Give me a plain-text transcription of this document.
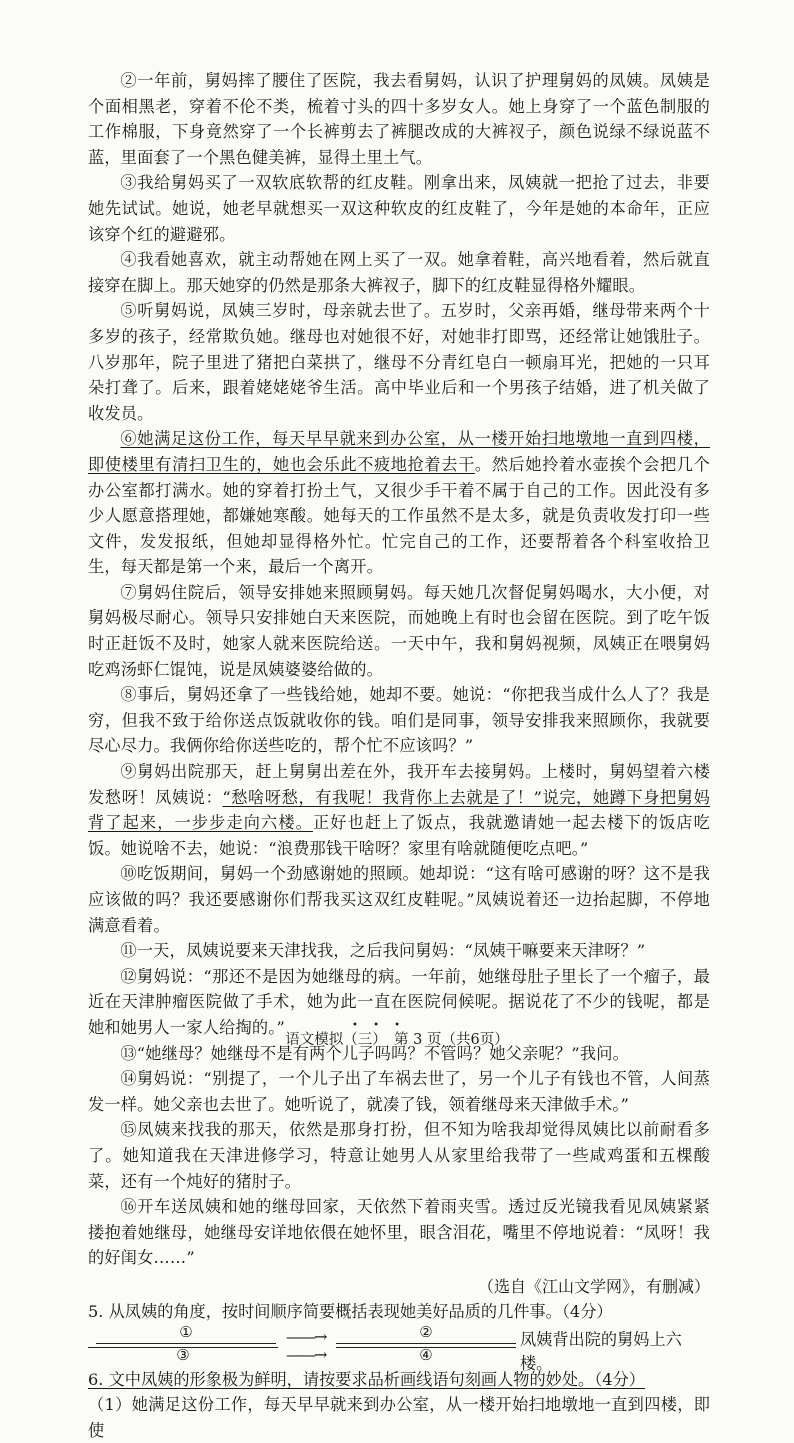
②一年前，舅妈摔了腰住了医院，我去看舅妈，认识了护理舅妈的凤姨。凤姨是个面相黑老，穿着不伦不类，梳着寸头的四十多岁女人。她上身穿了一个蓝色制服的工作棉服，下身竟然穿了一个长裤剪去了裤腿改成的大裤衩子，颜色说绿不绿说蓝不蓝，里面套了一个黑色健美裤，显得土里土气。

③我给舅妈买了一双软底软帮的红皮鞋。刚拿出来，凤姨就一把抢了过去，非要她先试试。她说，她老早就想买一双这种软皮的红皮鞋了，今年是她的本命年，正应该穿个红的避避邪。

④我看她喜欢，就主动帮她在网上买了一双。她拿着鞋，高兴地看着，然后就直接穿在脚上。那天她穿的仍然是那条大裤衩子，脚下的红皮鞋显得格外耀眼。

⑤听舅妈说，凤姨三岁时，母亲就去世了。五岁时，父亲再婚，继母带来两个十多岁的孩子，经常欺负她。继母也对她很不好，对她非打即骂，还经常让她饿肚子。八岁那年，院子里进了猪把白菜拱了，继母不分青红皂白一顿扇耳光，把她的一只耳朵打聋了。后来，跟着姥姥姥爷生活。高中毕业后和一个男孩子结婚，进了机关做了收发员。

⑥她满足这份工作，每天早早就来到办公室，从一楼开始扫地墩地一直到四楼，即使楼里有清扫卫生的，她也会乐此不疲地抢着去干。然后她拎着水壶挨个会把几个办公室都打满水。她的穿着打扮土气，又很少手干着不属于自己的工作。因此没有多少人愿意搭理她，都嫌她寒酸。她每天的工作虽然不是太多，就是负责收发打印一些文件，发发报纸，但她却显得格外忙。忙完自己的工作，还要帮着各个科室收拾卫生，每天都是第一个来，最后一个离开。

⑦舅妈住院后，领导安排她来照顾舅妈。每天她几次督促舅妈喝水，大小便，对舅妈极尽耐心。领导只安排她白天来医院，而她晚上有时也会留在医院。到了吃午饭时正赶饭不及时，她家人就来医院给送。一天中午，我和舅妈视频，凤姨正在喂舅妈吃鸡汤虾仁馄饨，说是凤姨婆婆给做的。

⑧事后，舅妈还拿了一些钱给她，她却不要。她说：“你把我当成什么人了？我是穷，但我不致于给你送点饭就收你的钱。咱们是同事，领导安排我来照顾你，我就要尽心尽力。我俩你给你送些吃的，帮个忙不应该吗？”

⑨舅妈出院那天，赶上舅舅出差在外，我开车去接舅妈。上楼时，舅妈望着六楼发愁呀！凤姨说：“愁啥呀愁，有我呢！我背你上去就是了！”说完，她蹲下身把舅妈背了起来，一步步走向六楼。正好也赶上了饭点，我就邀请她一起去楼下的饭店吃饭。她说啥不去，她说：“浪费那钱干啥呀？家里有啥就随便吃点吧。”

⑩吃饭期间，舅妈一个劲感谢她的照顾。她却说：“这有啥可感谢的呀？这不是我应该做的吗？我还要感谢你们帮我买这双红皮鞋呢。”凤姨说着还一边抬起脚，不停地满意看着。

⑪一天，凤姨说要来天津找我，之后我问舅妈：“凤姨干嘛要来天津呀？”

⑫舅妈说：“那还不是因为她继母的病。一年前，她继母肚子里长了一个瘤子，最近在天津肿瘤医院做了手术，她为此一直在医院伺候呢。据说花了不少的钱呢，都是她和她男人一家人给掏的。”

⑬“她继母？她继母不是有两个儿子吗吗？不管吗？她父亲呢？”我问。

⑭舅妈说：“别提了，一个儿子出了车祸去世了，另一个儿子有钱也不管，人间蒸发一样。她父亲也去世了。她听说了，就凑了钱，领着继母来天津做手术。”

⑮凤姨来找我的那天，依然是那身打扮，但不知为啥我却觉得凤姨比以前耐看多了。她知道我在天津进修学习，特意让她男人从家里给我带了一些咸鸡蛋和五棵酸菜，还有一个炖好的猪肘子。

⑯开车送凤姨和她的继母回家，天依然下着雨夹雪。透过反光镜我看见凤姨紧紧搂抱着她继母，她继母安详地依偎在她怀里，眼含泪花，嘴里不停地说着：“凤呀！我的好闺女……”

（选自《江山文学网》，有删减）

5. 从凤姨的角度，按时间顺序简要概括表现她美好品质的几件事。（4分）

①	——→	②	凤姨背出院的舅妈上六楼。
③	——→	④

6. 文中凤姨的形象极为鲜明，请按要求品析画线语句刻画人物的妙处。（4分）

（1）她满足这份工作，每天早早就来到办公室，从一楼开始扫地墩地一直到四楼，即使

• • •
语文模拟（三）　第 3 页（共6页）
